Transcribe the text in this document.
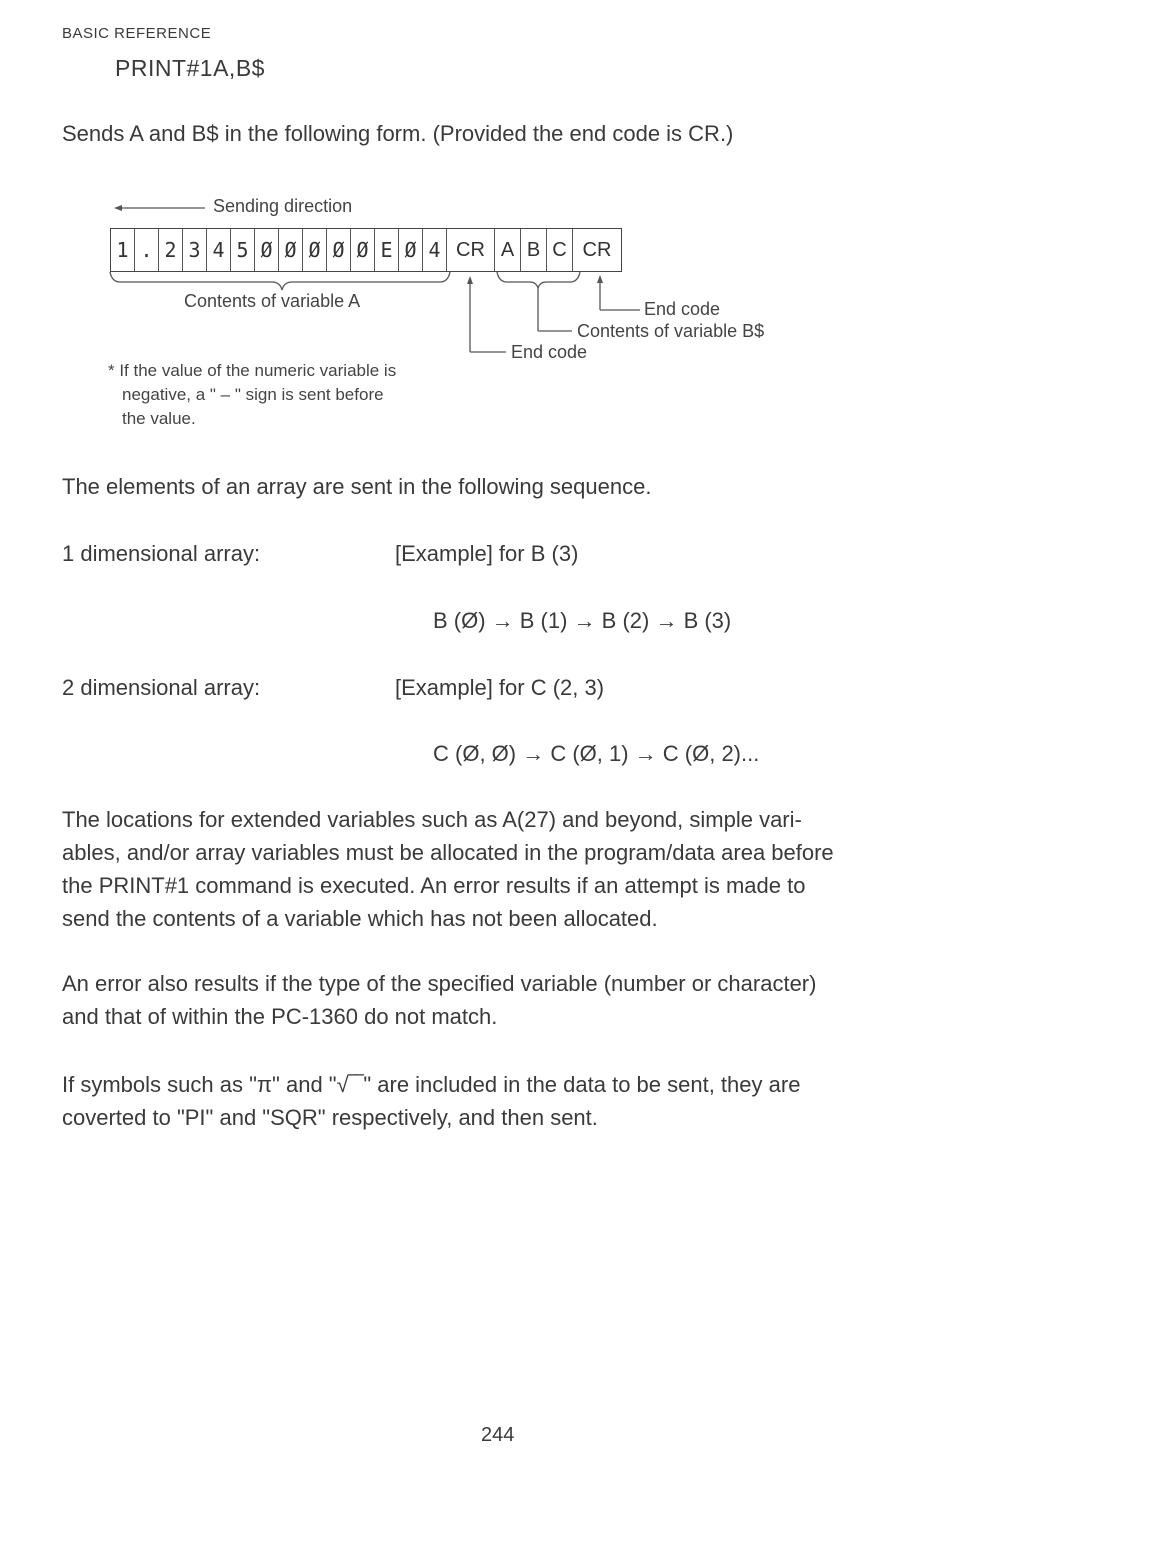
BASIC REFERENCE
PRINT#1A,B$
Sends A and B$ in the following form. (Provided the end code is CR.)
Sending direction
1 . 2 3 4 5 Ø Ø Ø Ø Ø E Ø 4 CR A B C CR
Contents of variable A	End code
Contents of variable B$
End code
* If the value of the numeric variable is
negative, a " – " sign is sent before
the value.
The elements of an array are sent in the following sequence.
1 dimensional array:	[Example] for B (3)
B (Ø) → B (1) → B (2) → B (3)
2 dimensional array:	[Example] for C (2, 3)
C (Ø, Ø) → C (Ø, 1) → C (Ø, 2)...
The locations for extended variables such as A(27) and beyond, simple vari-
ables, and/or array variables must be allocated in the program/data area before
the PRINT#1 command is executed. An error results if an attempt is made to
send the contents of a variable which has not been allocated.
An error also results if the type of the specified variable (number or character)
and that of within the PC-1360 do not match.
If symbols such as "π" and "√‾‾" are included in the data to be sent, they are
coverted to "PI" and "SQR" respectively, and then sent.
244
